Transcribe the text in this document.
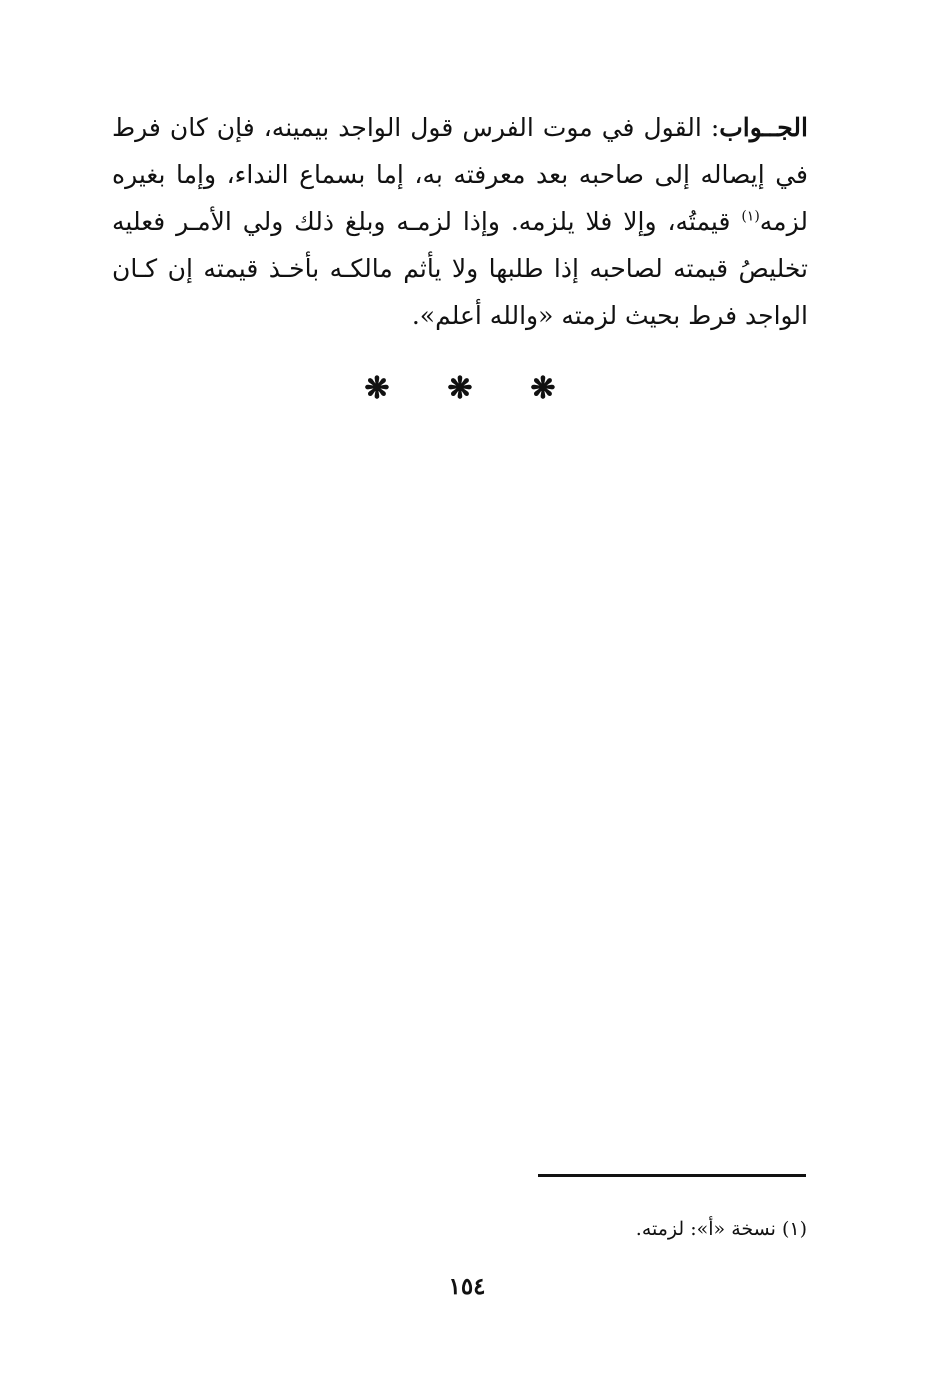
الجــواب: القول في موت الفرس قول الواجد بيمينه، فإن كان فرط في إيصاله إلى صاحبه بعد معرفته به، إما بسماع النداء، وإما بغيره لزمه$^{(١)}$ قيمتُه، وإلا فلا يلزمه. وإذا لزمـه وبلغ ذلك ولي الأمـر فعليه تخليصُ قيمته لصاحبه إذا طلبها ولا يأثم مالكـه بأخـذ قيمته إن كـان الواجد فرط بحيث لزمته «والله أعلم».

❋ ❋ ❋

(١) نسخة «أ»: لزمته.

١٥٤
